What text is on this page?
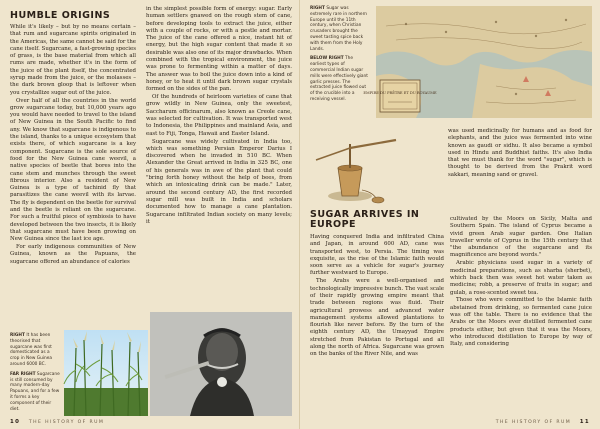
HUMBLE ORIGINS

While it's likely – but by no means certain – that rum and sugarcane spirits originated in the Americas, the same cannot be said for the cane itself. Sugarcane, a fast-growing species of grass, is the base material from which all rums are made, whether it's in the form of the juice of the plant itself, the concentrated syrup made from the juice, or the molasses – the dark brown gloop that is leftover when you crystallize sugar out of the juice.

Over half of all the countries in the world grow sugarcane today, but 10,000 years ago you would have needed to travel to the island of New Guinea in the South Pacific to find any. We know that sugarcane is indigenous to the island, thanks to a unique ecosystem that exists there, of which sugarcane is a key component. Sugarcane is the sole source of food for the New Guinea cane weevil, a native species of beetle that bores into the cane stem and munches through the sweet fibrous interior. Also a resident of New Guinea is a type of tachinid fly that parasitizes the cane weevil with its larvae. The fly is dependent on the beetle for survival and the beetle is reliant on the sugarcane. For such a fruitful piece of symbiosis to have developed between the two insects, it is likely that sugarcane must have been growing on New Guinea since the last ice age.

For early indigenous communities of New Guinea, known as the Papuans, the sugarcane offered an abundance of calories

in the simplest possible form of energy: sugar. Early human settlers gnawed on the rough stem of cane, before developing tools to extract the juice, either with a couple of rocks, or with a pestle and mortar. The juice of the cane offered a nice, instant hit of energy, but the high sugar content that made it so desirable was also one of its major drawbacks. When combined with the tropical environment, the juice was prone to fermenting within a matter of days. The answer was to boil the juice down into a kind of honey, or to heat it until dark brown sugar crystals formed on the sides of the pan.

Of the hundreds of heirloom varieties of cane that grow wildly in New Guinea, only the sweetest, Saccharum officinarum, also known as Creole cane, was selected for cultivation. It was transported west to Indonesia, the Philippines and mainland Asia, and east to Fiji, Tonga, Hawaii and Easter Island.

Sugarcane was widely cultivated in India too, which was something Persian Emperor Darius I discovered when he invaded in 510 BC. When Alexander the Great arrived in India in 325 BC, one of his generals was in awe of the plant that could "bring forth honey without the help of bees, from which an intoxicating drink can be made." Later, around the second century AD, the first recorded sugar mill was built in India and scholars documented how to manage a cane plantation. Sugarcane infiltrated Indian society on many levels; it

RIGHT It has been theorised that sugarcane was first domesticated as a crop in New Guinea around 6000 BC.

FAR RIGHT Sugarcane is still consumed by many modern-day Papuans, and for a few it forms a key component of their diet.

10 THE HISTORY OF RUM

RIGHT Sugar was extremely rare in northern Europe until the 11th century, when Christian crusaders brought the sweet tasting spice back with them from the Holy Lands.

BELOW RIGHT The earliest types of commercial Indian sugar mills were effectively giant garlic presses. The extracted juice flowed out of the crucible into a receiving vessel.

EMPIRE DU PRÊTRE ET DU ROYAUME

was used medicinally for humans and as food for elephants, and the juice was fermented into wine known as gaudi or sidhu. It also became a symbol used in Hindu and Buddhist faiths. It's also India that we must thank for the word "sugar", which is thought to be derived from the Prakrit word sakkari, meaning sand or gravel.

SUGAR ARRIVES IN EUROPE

Having conquered India and infiltrated China and Japan, in around 600 AD, cane was transported west, to Persia. The timing was exquisite, as the rise of the Islamic faith would soon serve as a vehicle for sugar's journey further westward to Europe.

The Arabs were a well-organised and technologically impressive bunch. The vast scale of their rapidly growing empire meant that trade between regions was fluid. Their agricultural prowess and advanced water management systems allowed plantations to flourish like never before. By the turn of the eighth century AD, the Umayyad Empire stretched from Pakistan to Portugal and all along the north of Africa. Sugarcane was grown on the banks of the River Nile, and was

cultivated by the Moors on Sicily, Malta and Southern Spain. The island of Cyprus became a vivid green Arab sugar garden. One Italian traveller wrote of Cyprus in the 15th century that "the abundance of the sugarcane and its magnificence are beyond words."

Arabic physicians used sugar in a variety of medicinal preparations, such as sharba (sherbet), which back then was sweet hot water taken as medicine; robb, a preserve of fruits in sugar; and gulab, a rose-scented sweet tea.

Those who were committed to the Islamic faith abstained from drinking, so fermented cane juice was off the table. There is no evidence that the Arabs or the Moors ever distilled fermented cane products either, but given that it was the Moors, who introduced distillation to Europe by way of Italy, and considering

THE HISTORY OF RUM 11
